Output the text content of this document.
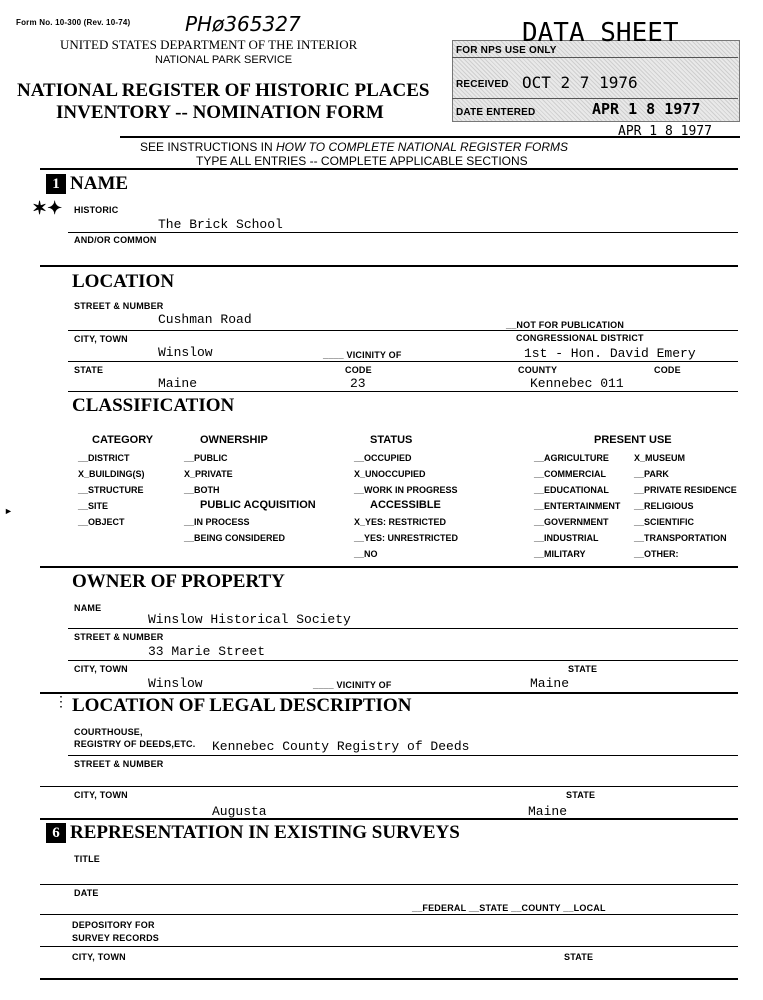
Form No. 10-300 (Rev. 10-74)	PHø365327
UNITED STATES DEPARTMENT OF THE INTERIOR
NATIONAL PARK SERVICE
NATIONAL REGISTER OF HISTORIC PLACES
INVENTORY -- NOMINATION FORM
DATA SHEET
FOR NPS USE ONLY
RECEIVED OCT 2 7 1976
DATE ENTERED	APR 1 8 1977
APR 1 8 1977
SEE INSTRUCTIONS IN HOW TO COMPLETE NATIONAL REGISTER FORMS
TYPE ALL ENTRIES -- COMPLETE APPLICABLE SECTIONS
1 NAME
✶✦ HISTORIC
The Brick School
AND/OR COMMON
LOCATION
STREET & NUMBER
Cushman Road	__NOT FOR PUBLICATION
CITY, TOWN	CONGRESSIONAL DISTRICT
Winslow	____ VICINITY OF	1st - Hon. David Emery
STATE	CODE	COUNTY	CODE
Maine	23	Kennebec 011
CLASSIFICATION
CATEGORY
__DISTRICT
X_BUILDING(S)
__STRUCTURE
__SITE
__OBJECT
OWNERSHIP
__PUBLIC
X_PRIVATE
__BOTH
PUBLIC ACQUISITION
__IN PROCESS
__BEING CONSIDERED
STATUS
__OCCUPIED
X_UNOCCUPIED
__WORK IN PROGRESS
ACCESSIBLE
X_YES: RESTRICTED
__YES: UNRESTRICTED
__NO
PRESENT USE
__AGRICULTURE
__COMMERCIAL
__EDUCATIONAL
__ENTERTAINMENT
__GOVERNMENT
__INDUSTRIAL
__MILITARY
X_MUSEUM
__PARK
__PRIVATE RESIDENCE
__RELIGIOUS
__SCIENTIFIC
__TRANSPORTATION
__OTHER:
►
OWNER OF PROPERTY
NAME
Winslow Historical Society
STREET & NUMBER
33 Marie Street
CITY, TOWN	STATE
Winslow	____ VICINITY OF	Maine
⋮ LOCATION OF LEGAL DESCRIPTION
COURTHOUSE,
REGISTRY OF DEEDS,ETC. Kennebec County Registry of Deeds
STREET & NUMBER
CITY, TOWN	STATE
Augusta	Maine
6 REPRESENTATION IN EXISTING SURVEYS
TITLE
DATE
__FEDERAL __STATE __COUNTY __LOCAL
DEPOSITORY FOR
SURVEY RECORDS
CITY, TOWN	STATE
